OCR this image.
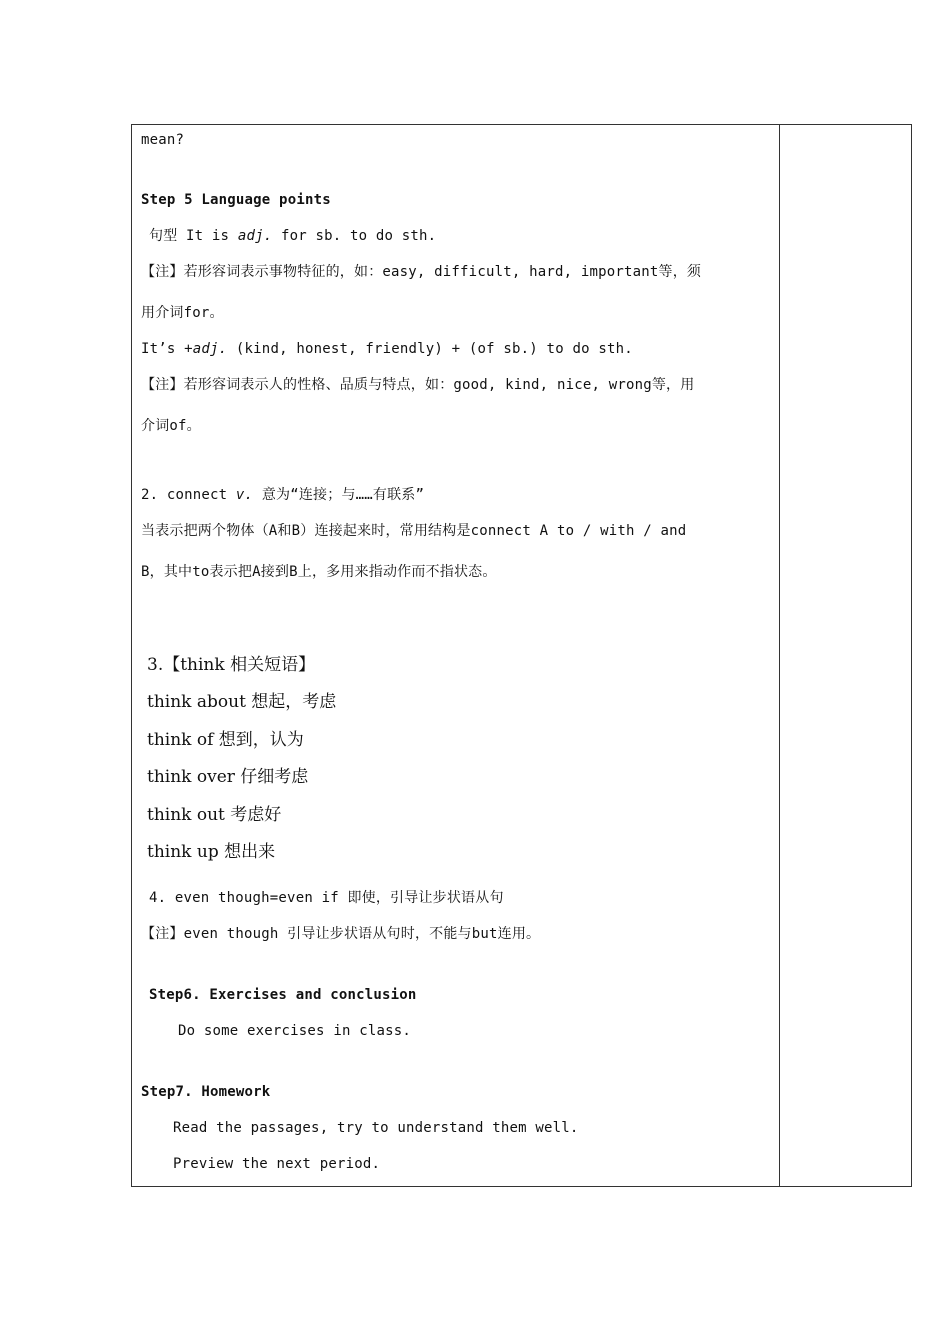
mean?
Step 5 Language points
句型 It is adj. for sb. to do sth.
【注】若形容词表示事物特征的，如：easy, difficult, hard, important等，须
用介词for。
It’s +adj. (kind, honest, friendly) + (of sb.) to do sth.
【注】若形容词表示人的性格、品质与特点，如：good, kind, nice, wrong等，用
介词of。
2. connect v. 意为“连接；与……有联系”
当表示把两个物体（A和B）连接起来时，常用结构是connect A to / with / and
B，其中to表示把A接到B上，多用来指动作而不指状态。
3.【think 相关短语】
think about 想起，考虑
think of 想到，认为
think over 仔细考虑
think out 考虑好
think up 想出来
4. even though=even if 即使，引导让步状语从句
【注】even though 引导让步状语从句时，不能与but连用。
Step6. Exercises and conclusion
Do some exercises in class.
Step7. Homework
Read the passages, try to understand them well.
Preview the next period.
